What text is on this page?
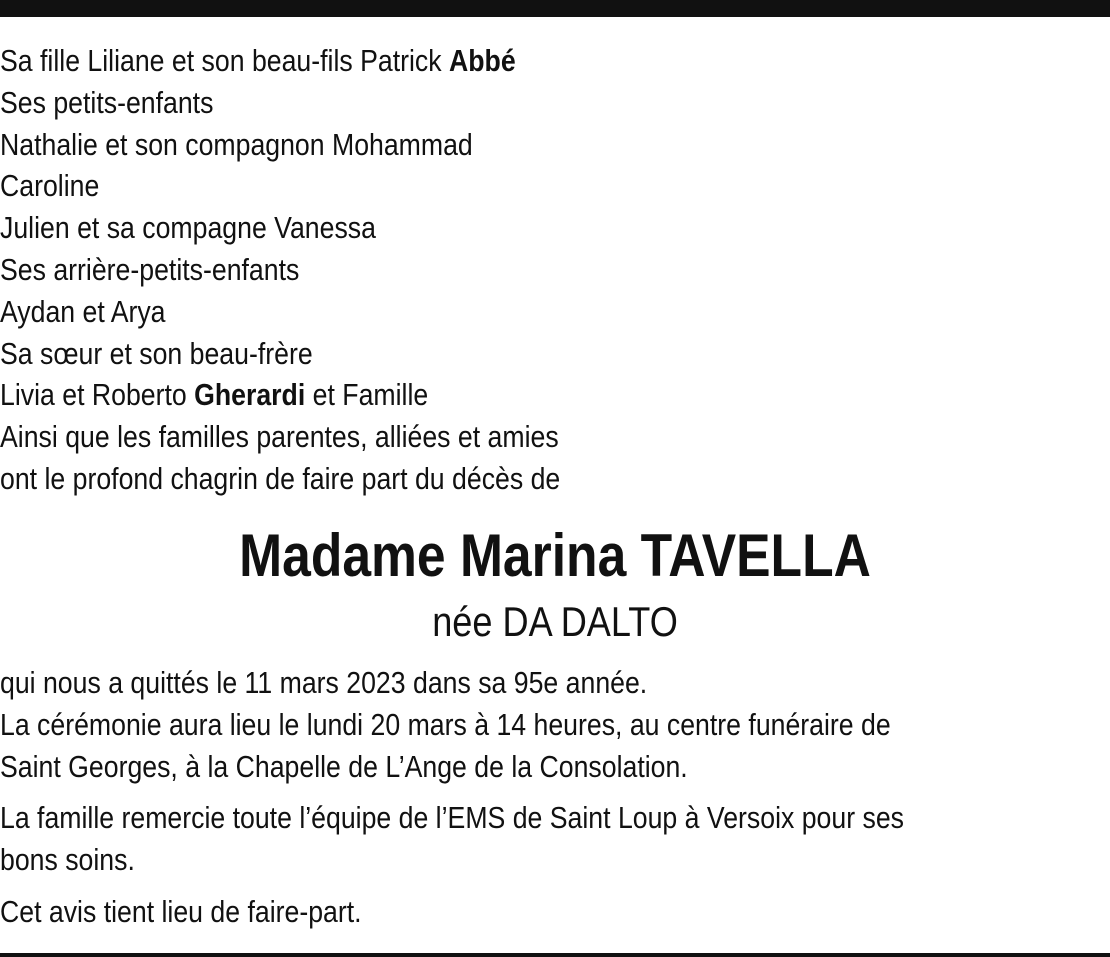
Sa fille Liliane et son beau-fils Patrick Abbé
Ses petits-enfants
Nathalie et son compagnon Mohammad
Caroline
Julien et sa compagne Vanessa
Ses arrière-petits-enfants
Aydan et Arya
Sa sœur et son beau-frère
Livia et Roberto Gherardi et Famille
Ainsi que les familles parentes, alliées et amies
ont le profond chagrin de faire part du décès de
Madame Marina TAVELLA
née DA DALTO
qui nous a quittés le 11 mars 2023 dans sa 95e année.
La cérémonie aura lieu le lundi 20 mars à 14 heures, au centre funéraire de
Saint Georges, à la Chapelle de L’Ange de la Consolation.
La famille remercie toute l’équipe de l’EMS de Saint Loup à Versoix pour ses
bons soins.
Cet avis tient lieu de faire-part.
